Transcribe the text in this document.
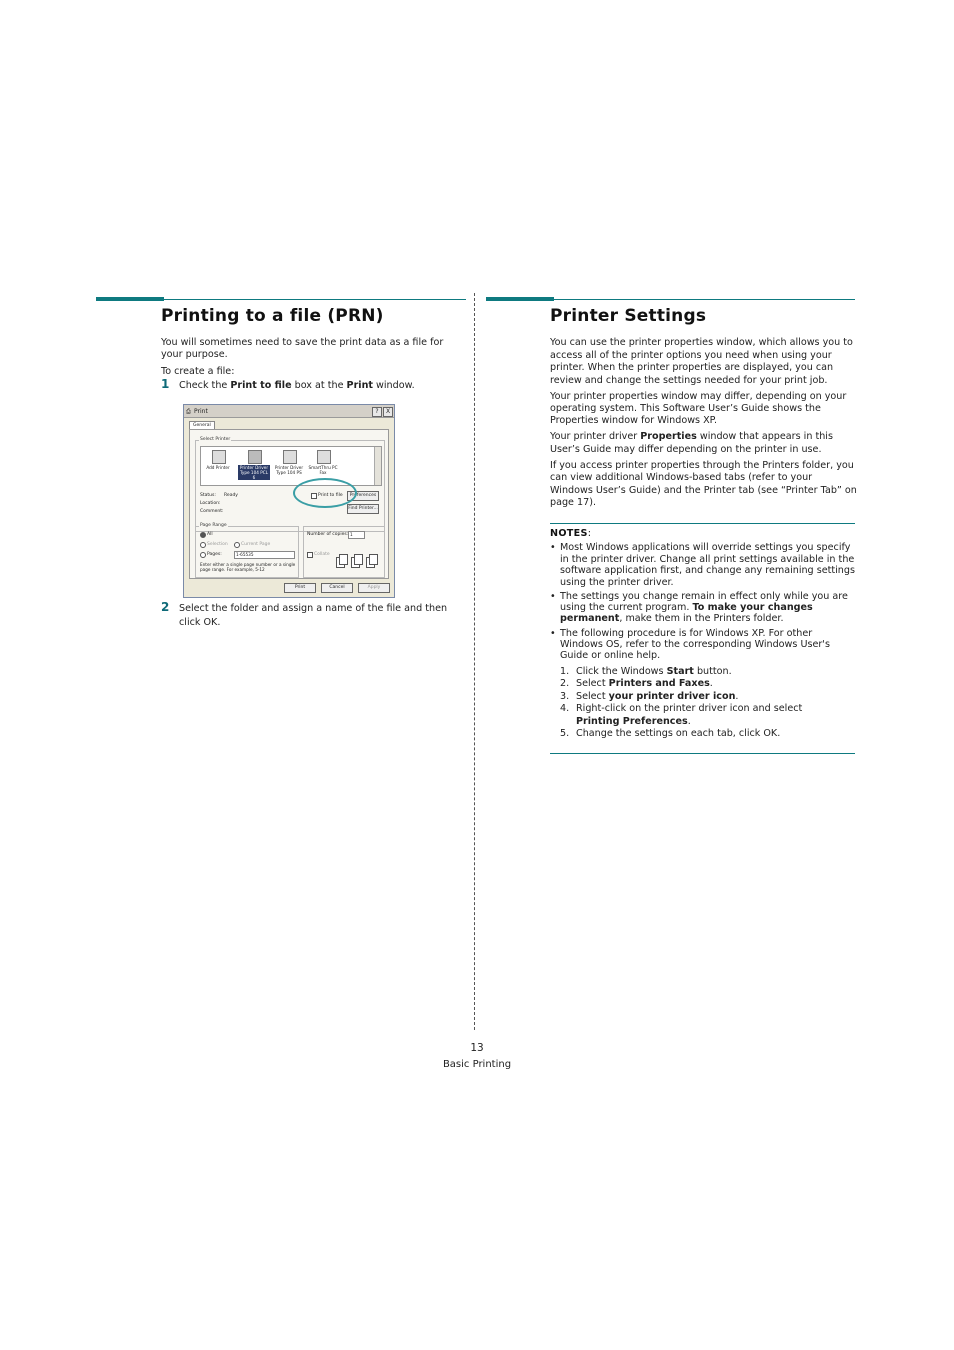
Printing to a file (PRN)
You will sometimes need to save the print data as a file for your purpose.
To create a file:
1 Check the Print to file box at the Print window.
⎙ Print	?	X
General
Select Printer
Add Printer	Printer Driver Type 104 PCL 6
Printer Driver Type 104 PS
SmartThru PC Fax
Status: Ready
Location:
Comment:
Print to file	Preferences
Find Printer...
Page Range
All
Selection	Current Page
Pages:	1-65535
Enter either a single page number or a single page range. For example, 5-12
Number of copies: 1
Collate
Print	Cancel	Apply
2 Select the folder and assign a name of the file and then
click OK.
Printer Settings
You can use the printer properties window, which allows you to
access all of the printer options you need when using your
printer. When the printer properties are displayed, you can
review and change the settings needed for your print job.
Your printer properties window may differ, depending on your
operating system. This Software User’s Guide shows the
Properties window for Windows XP.
Your printer driver Properties window that appears in this
User’s Guide may differ depending on the printer in use.
If you access printer properties through the Printers folder, you
can view additional Windows-based tabs (refer to your
Windows User’s Guide) and the Printer tab (see “Printer Tab” on
page 17).
NOTES:
• Most Windows applications will override settings you specify
in the printer driver. Change all print settings available in the
software application first, and change any remaining settings
using the printer driver.
• The settings you change remain in effect only while you are
using the current program. To make your changes
permanent, make them in the Printers folder.
• The following procedure is for Windows XP. For other
Windows OS, refer to the corresponding Windows User's
Guide or online help.
1. Click the Windows Start button.
2. Select Printers and Faxes.
3. Select your printer driver icon.
4. Right-click on the printer driver icon and select
Printing Preferences.
5. Change the settings on each tab, click OK.
13
Basic Printing
